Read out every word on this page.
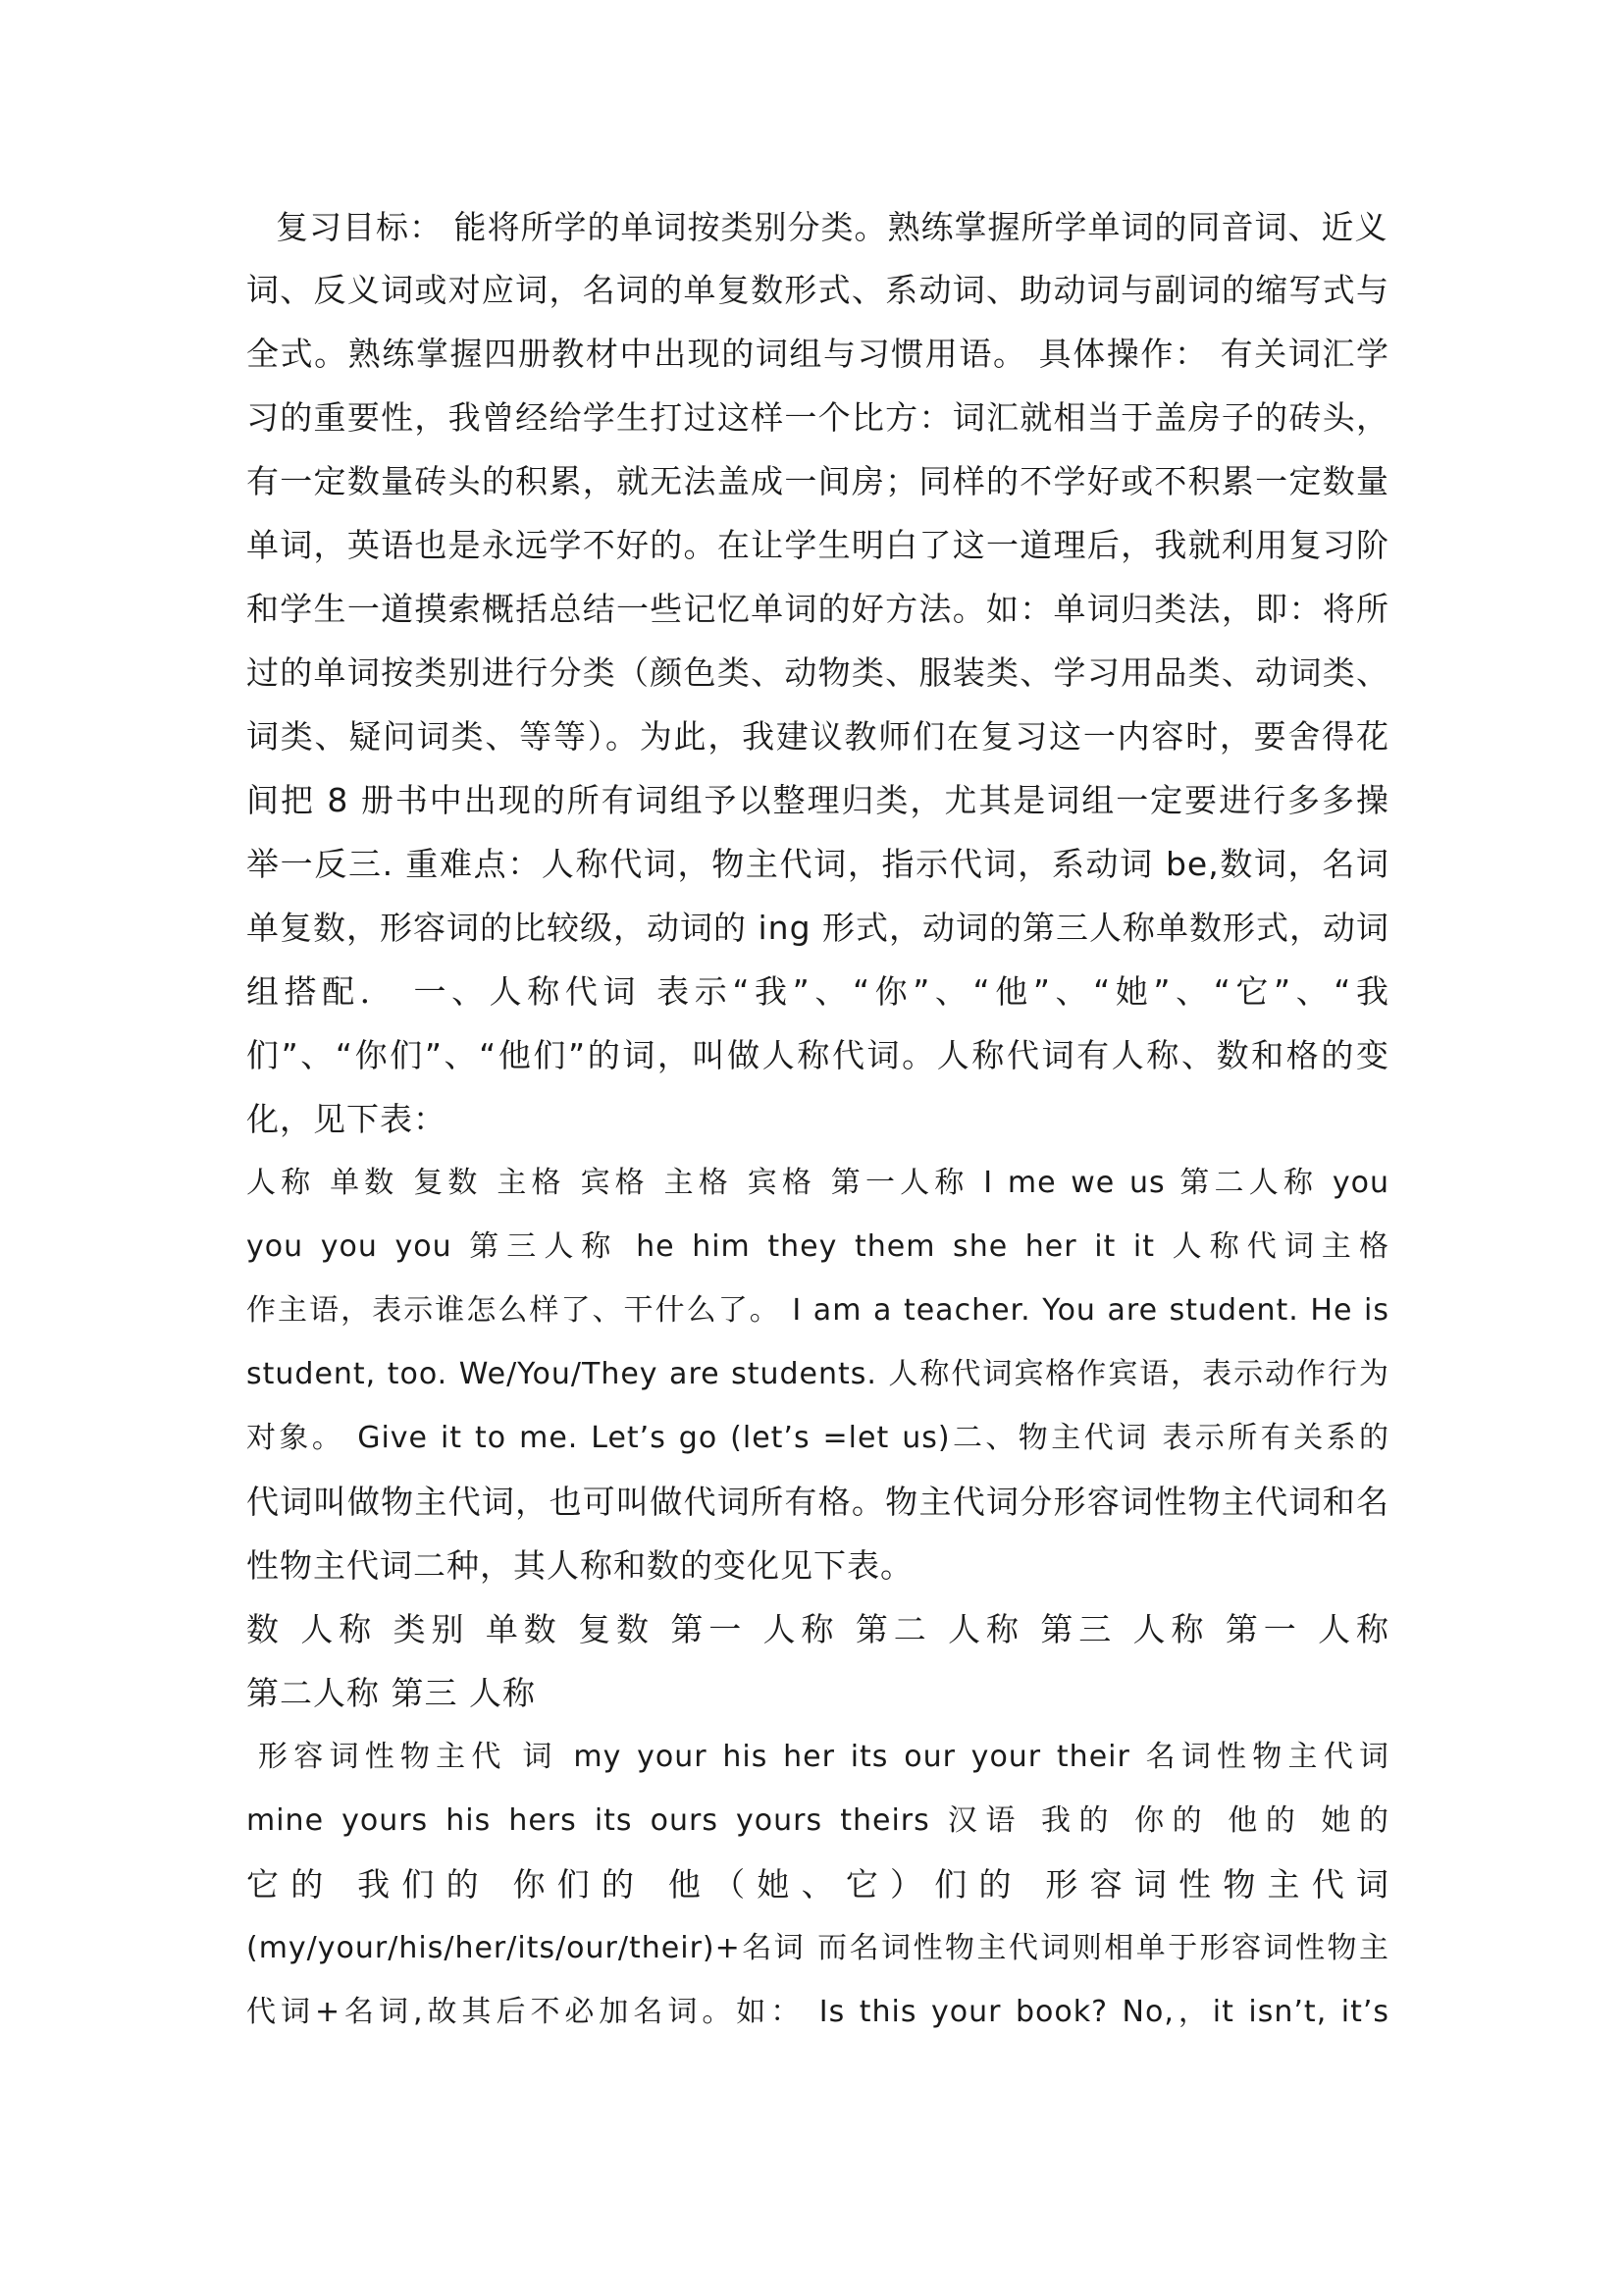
复习目标： 能将所学的单词按类别分类。熟练掌握所学单词的同音词、近义
词、反义词或对应词，名词的单复数形式、系动词、助动词与副词的缩写式与
全式。熟练掌握四册教材中出现的词组与习惯用语。 具体操作： 有关词汇学
习的重要性，我曾经给学生打过这样一个比方：词汇就相当于盖房子的砖头，
有一定数量砖头的积累，就无法盖成一间房；同样的不学好或不积累一定数量
单词，英语也是永远学不好的。在让学生明白了这一道理后，我就利用复习阶
和学生一道摸索概括总结一些记忆单词的好方法。如：单词归类法，即：将所
过的单词按类别进行分类（颜色类、动物类、服装类、学习用品类、动词类、
词类、疑问词类、等等）。为此，我建议教师们在复习这一内容时，要舍得花
间把 8 册书中出现的所有词组予以整理归类，尤其是词组一定要进行多多操
举一反三. 重难点：人称代词，物主代词，指示代词，系动词 be,数词，名词
单复数，形容词的比较级，动词的 ing 形式，动词的第三人称单数形式，动词
组搭配． 一、人称代词 表示“我”、“你”、“他”、“她”、“它”、“我
们”、“你们”、“他们”的词，叫做人称代词。人称代词有人称、数和格的变
化，见下表：
人称 单数 复数 主格 宾格 主格 宾格 第一人称 I me we us 第二人称 you
you you you 第三人称 he him they them she her it it 人称代词主格
作主语，表示谁怎么样了、干什么了。 I am a teacher. You are student. He is
student, too. We/You/They are students. 人称代词宾格作宾语，表示动作行为
对象。 Give it to me. Let’s go (let’s =let us)二、物主代词 表示所有关系的
代词叫做物主代词，也可叫做代词所有格。物主代词分形容词性物主代词和名
性物主代词二种，其人称和数的变化见下表。
数 人称 类别 单数 复数 第一 人称 第二 人称 第三 人称 第一 人称
第二人称 第三 人称
形容词性物主代 词 my your his her its our your their 名词性物主代词
mine yours his hers its ours yours theirs 汉语 我的 你的 他的 她的
它的 我们的 你们的 他（她、它）们的 形容词性物主代词
(my/your/his/her/its/our/their)+名词 而名词性物主代词则相单于形容词性物主
代词+名词,故其后不必加名词。如： Is this your book? No,，it isn’t, it’s
